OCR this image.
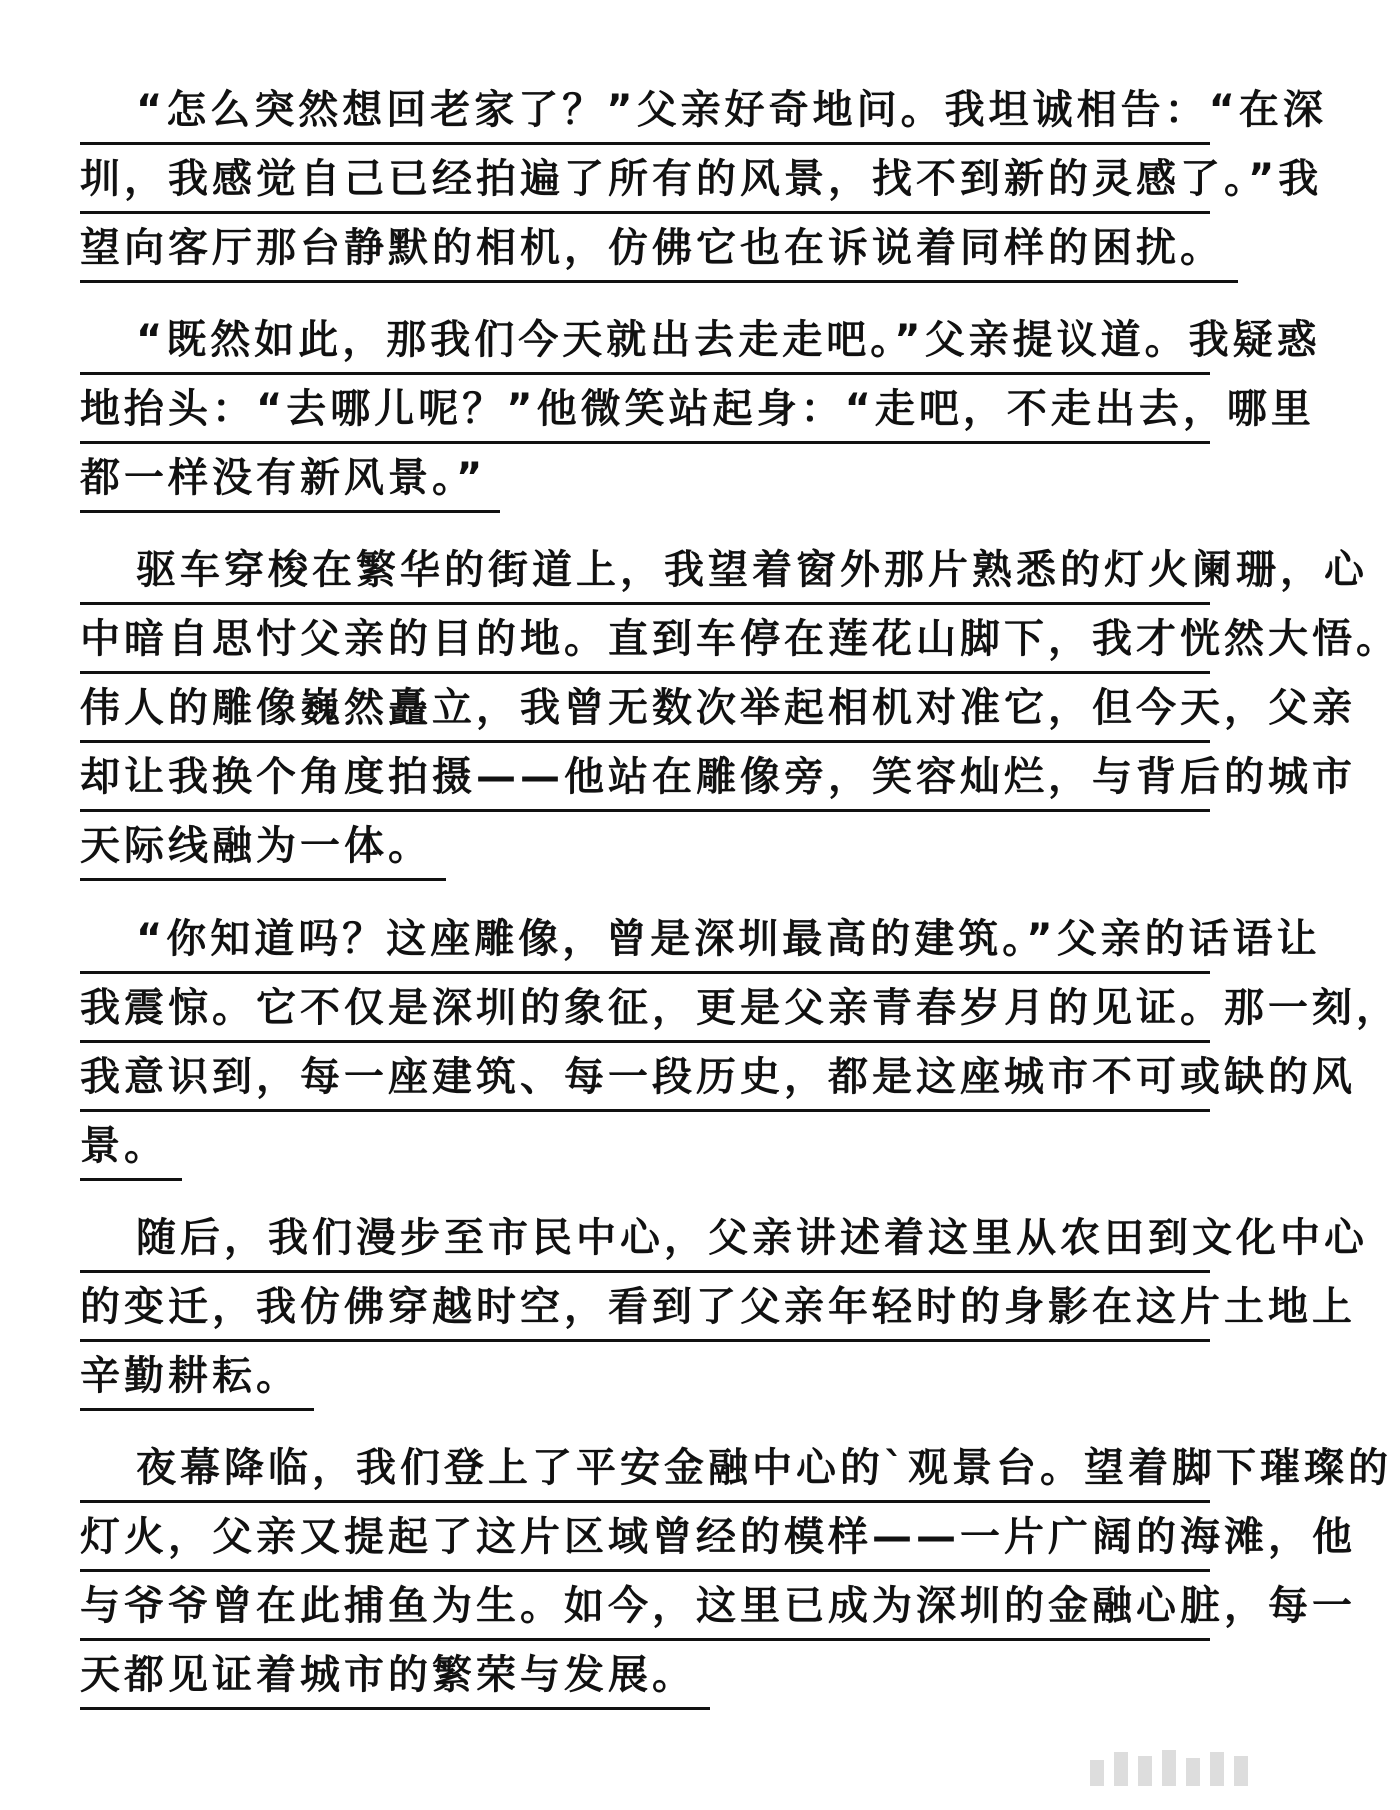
“怎么突然想回老家了？”父亲好奇地问。我坦诚相告：“在深
圳，我感觉自己已经拍遍了所有的风景，找不到新的灵感了。”我
望向客厅那台静默的相机，仿佛它也在诉说着同样的困扰。
“既然如此，那我们今天就出去走走吧。”父亲提议道。我疑惑
地抬头：“去哪儿呢？”他微笑站起身：“走吧，不走出去，哪里
都一样没有新风景。”
驱车穿梭在繁华的街道上，我望着窗外那片熟悉的灯火阑珊，心
中暗自思忖父亲的目的地。直到车停在莲花山脚下，我才恍然大悟。
伟人的雕像巍然矗立，我曾无数次举起相机对准它，但今天，父亲
却让我换个角度拍摄——他站在雕像旁，笑容灿烂，与背后的城市
天际线融为一体。
“你知道吗？这座雕像，曾是深圳最高的建筑。”父亲的话语让
我震惊。它不仅是深圳的象征，更是父亲青春岁月的见证。那一刻，
我意识到，每一座建筑、每一段历史，都是这座城市不可或缺的风
景。
随后，我们漫步至市民中心，父亲讲述着这里从农田到文化中心
的变迁，我仿佛穿越时空，看到了父亲年轻时的身影在这片土地上
辛勤耕耘。
夜幕降临，我们登上了平安金融中心的`观景台。望着脚下璀璨的
灯火，父亲又提起了这片区域曾经的模样——一片广阔的海滩，他
与爷爷曾在此捕鱼为生。如今，这里已成为深圳的金融心脏，每一
天都见证着城市的繁荣与发展。
